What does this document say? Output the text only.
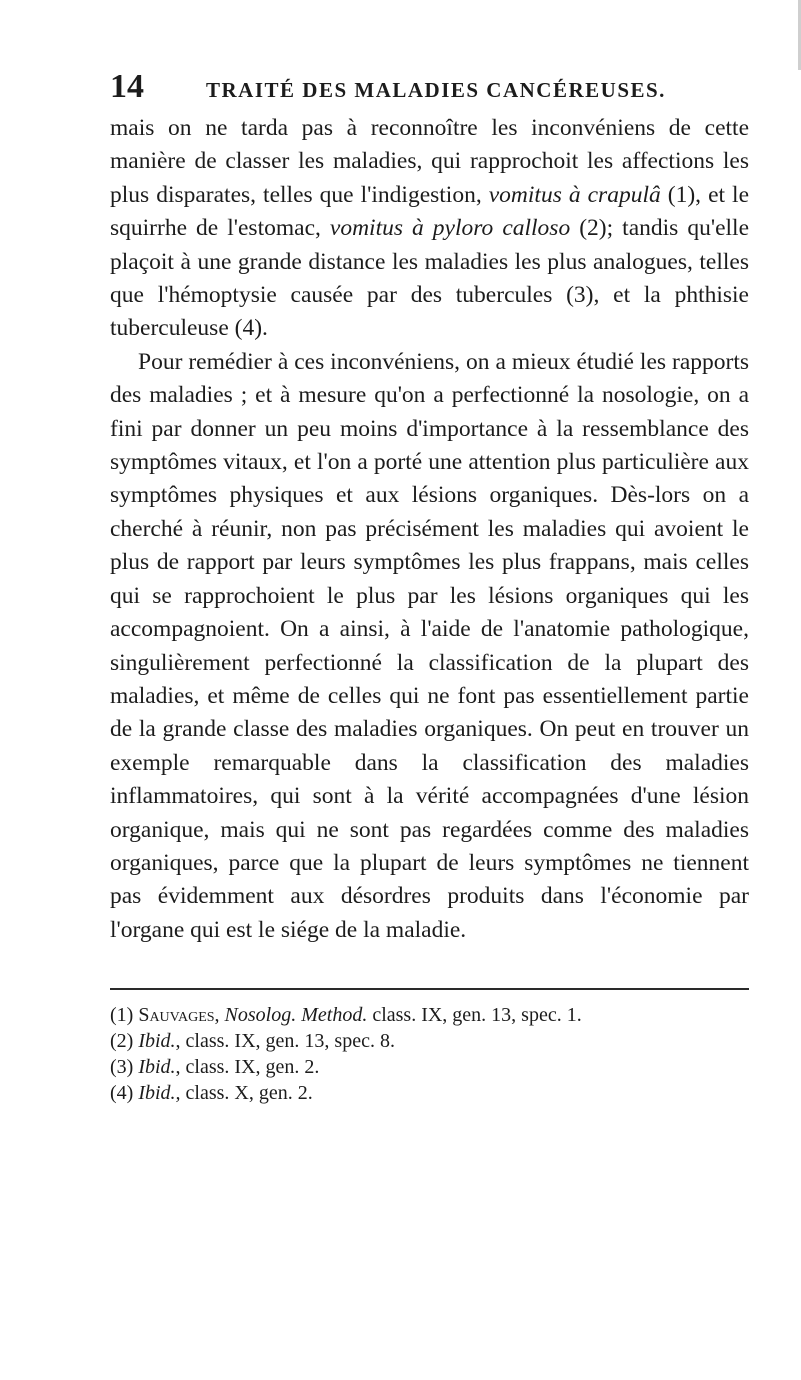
14	TRAITÉ DES MALADIES CANCÉREUSES.

mais on ne tarda pas à reconnoître les inconvéniens de cette manière de classer les maladies, qui rapprochoit les affections les plus disparates, telles que l'indigestion, vomitus à crapulâ (1), et le squirrhe de l'estomac, vomitus à pyloro calloso (2); tandis qu'elle plaçoit à une grande distance les maladies les plus analogues, telles que l'hémoptysie causée par des tubercules (3), et la phthisie tuberculeuse (4).

Pour remédier à ces inconvéniens, on a mieux étudié les rapports des maladies ; et à mesure qu'on a perfectionné la nosologie, on a fini par donner un peu moins d'importance à la ressemblance des symptômes vitaux, et l'on a porté une attention plus particulière aux symptômes physiques et aux lésions organiques. Dès-lors on a cherché à réunir, non pas précisément les maladies qui avoient le plus de rapport par leurs symptômes les plus frappans, mais celles qui se rapprochoient le plus par les lésions organiques qui les accompagnoient. On a ainsi, à l'aide de l'anatomie pathologique, singulièrement perfectionné la classification de la plupart des maladies, et même de celles qui ne font pas essentiellement partie de la grande classe des maladies organiques. On peut en trouver un exemple remarquable dans la classification des maladies inflammatoires, qui sont à la vérité accompagnées d'une lésion organique, mais qui ne sont pas regardées comme des maladies organiques, parce que la plupart de leurs symptômes ne tiennent pas évidemment aux désordres produits dans l'économie par l'organe qui est le siége de la maladie.

(1) Sauvages, Nosolog. Method. class. IX, gen. 13, spec. 1.
(2) Ibid., class. IX, gen. 13, spec. 8.
(3) Ibid., class. IX, gen. 2.
(4) Ibid., class. X, gen. 2.
